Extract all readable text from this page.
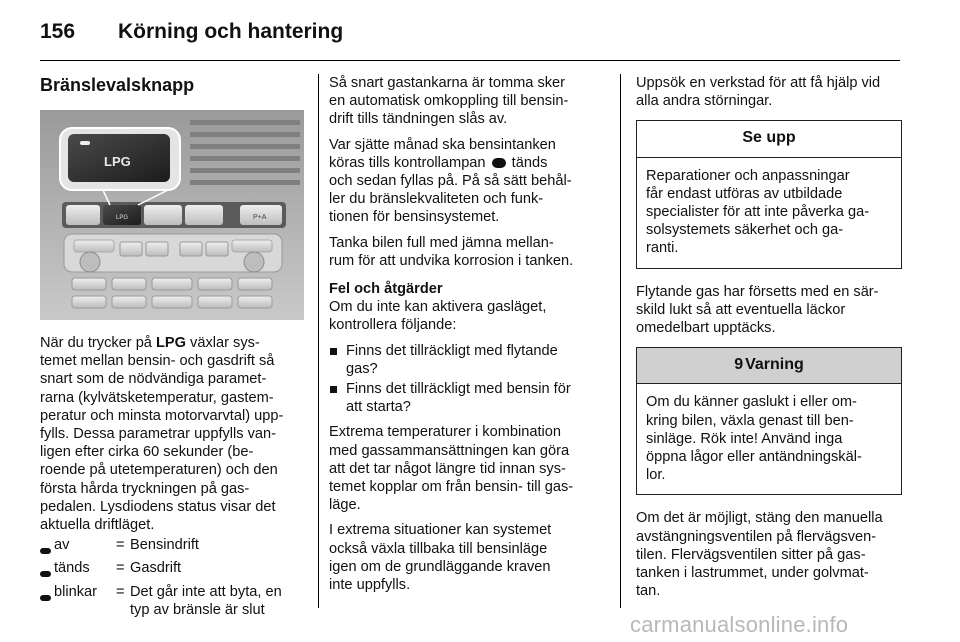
156 Körning och hantering
Bränslevalsknapp
LPG	P+A
LPG

När du trycker på LPG växlar sys-
temet mellan bensin- och gasdrift så
snart som de nödvändiga paramet-
rarna (kylvätsketemperatur, gastem-
peratur och minsta motorvarvtal) upp-
fylls. Dessa parametrar uppfylls van-
ligen efter cirka 60 sekunder (be-
roende på utetemperaturen) och den
första hårda tryckningen på gas-
pedalen. Lysdiodens status visar det
aktuella driftläget.

	av	=	Bensindrift
	tänds	=	Gasdrift
	blinkar	=	Det går inte att byta, en
typ av bränsle är slut

Så snart gastankarna är tomma sker
en automatisk omkoppling till bensin-
drift tills tändningen slås av.

Var sjätte månad ska bensintanken
köras tills kontrollampan  tänds
och sedan fyllas på. På så sätt behål-
ler du bränslekvaliteten och funk-
tionen för bensinsystemet.

Tanka bilen full med jämna mellan-
rum för att undvika korrosion i tanken.

Fel och åtgärder

Om du inte kan aktivera gasläget,
kontrollera följande:

Finns det tillräckligt med flytande
gas?
Finns det tillräckligt med bensin för
att starta?

Extrema temperaturer i kombination
med gassammansättningen kan göra
att det tar något längre tid innan sys-
temet kopplar om från bensin- till gas-
läge.

I extrema situationer kan systemet
också växla tillbaka till bensinläge
igen om de grundläggande kraven
inte uppfylls.

Uppsök en verkstad för att få hjälp vid
alla andra störningar.

Se upp
Reparationer och anpassningar
får endast utföras av utbildade
specialister för att inte påverka ga-
solsystemets säkerhet och ga-
ranti.

Flytande gas har försetts med en sär-
skild lukt så att eventuella läckor
omedelbart upptäcks.

9 Varning
Om du känner gaslukt i eller om-
kring bilen, växla genast till ben-
sinläge. Rök inte! Använd inga
öppna lågor eller antändningskäl-
lor.

Om det är möjligt, stäng den manuella
avstängningsventilen på flervägsven-
tilen. Flervägsventilen sitter på gas-
tanken i lastrummet, under golvmat-
tan.

carmanualsonline.info
